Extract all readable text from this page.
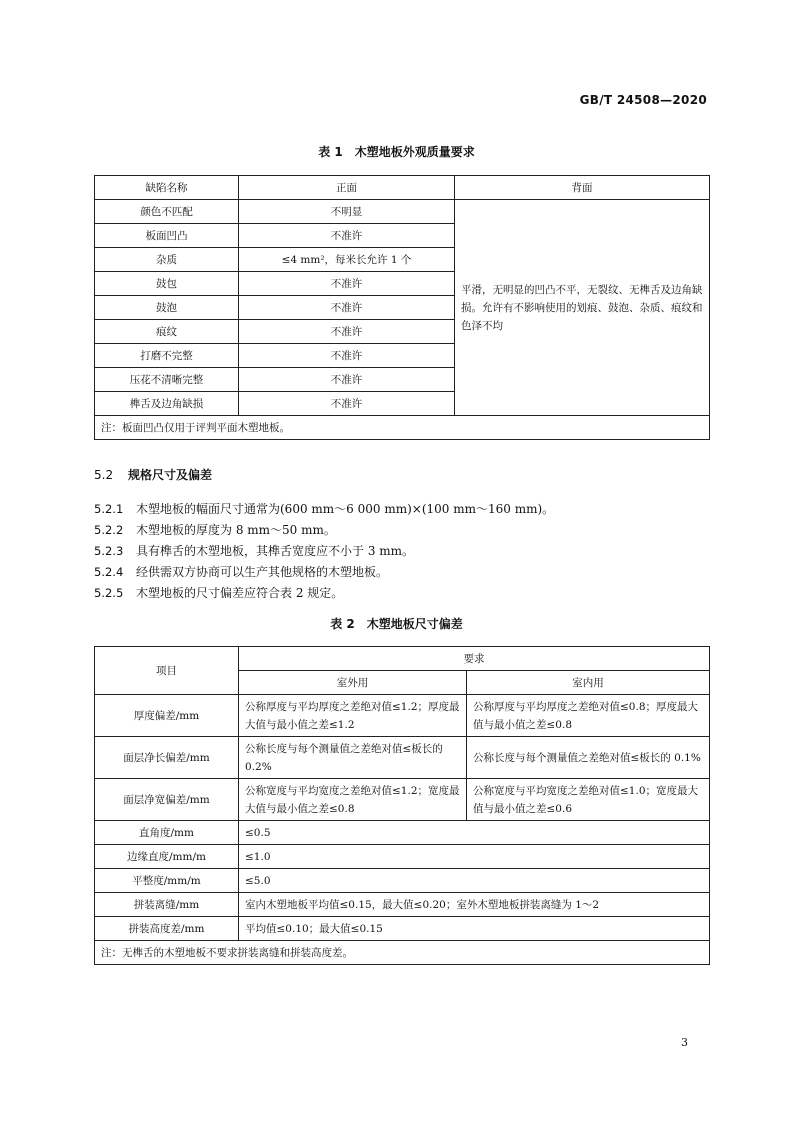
GB/T 24508—2020
表 1　木塑地板外观质量要求
缺陷名称	正面	背面
颜色不匹配	不明显	平滑，无明显的凹凸不平，无裂纹、无榫舌及边角缺损。允许有不影响使用的划痕、鼓泡、杂质、痕纹和色泽不均
板面凹凸	不准许	
杂质	≤4 mm²，每米长允许 1 个	
鼓包	不准许	
鼓泡	不准许	
痕纹	不准许	
打磨不完整	不准许	
压花不清晰完整	不准许	
榫舌及边角缺损	不准许	
注：板面凹凸仅用于评判平面木塑地板。		
5.2 规格尺寸及偏差
5.2.1 木塑地板的幅面尺寸通常为(600 mm～6 000 mm)×(100 mm～160 mm)。
5.2.2 木塑地板的厚度为 8 mm～50 mm。
5.2.3 具有榫舌的木塑地板，其榫舌宽度应不小于 3 mm。
5.2.4 经供需双方协商可以生产其他规格的木塑地板。
5.2.5 木塑地板的尺寸偏差应符合表 2 规定。
表 2　木塑地板尺寸偏差
项目	要求	
	室外用	室内用
厚度偏差/mm	公称厚度与平均厚度之差绝对值≤1.2；厚度最大值与最小值之差≤1.2	公称厚度与平均厚度之差绝对值≤0.8；厚度最大值与最小值之差≤0.8
面层净长偏差/mm	公称长度与每个测量值之差绝对值≤板长的 0.2%	公称长度与每个测量值之差绝对值≤板长的 0.1%
面层净宽偏差/mm	公称宽度与平均宽度之差绝对值≤1.2；宽度最大值与最小值之差≤0.8	公称宽度与平均宽度之差绝对值≤1.0；宽度最大值与最小值之差≤0.6
直角度/mm	≤0.5	
边缘直度/mm/m	≤1.0	
平整度/mm/m	≤5.0	
拼装离缝/mm	室内木塑地板平均值≤0.15，最大值≤0.20；室外木塑地板拼装离缝为 1～2	
拼装高度差/mm	平均值≤0.10；最大值≤0.15	
注：无榫舌的木塑地板不要求拼装离缝和拼装高度差。		
3
